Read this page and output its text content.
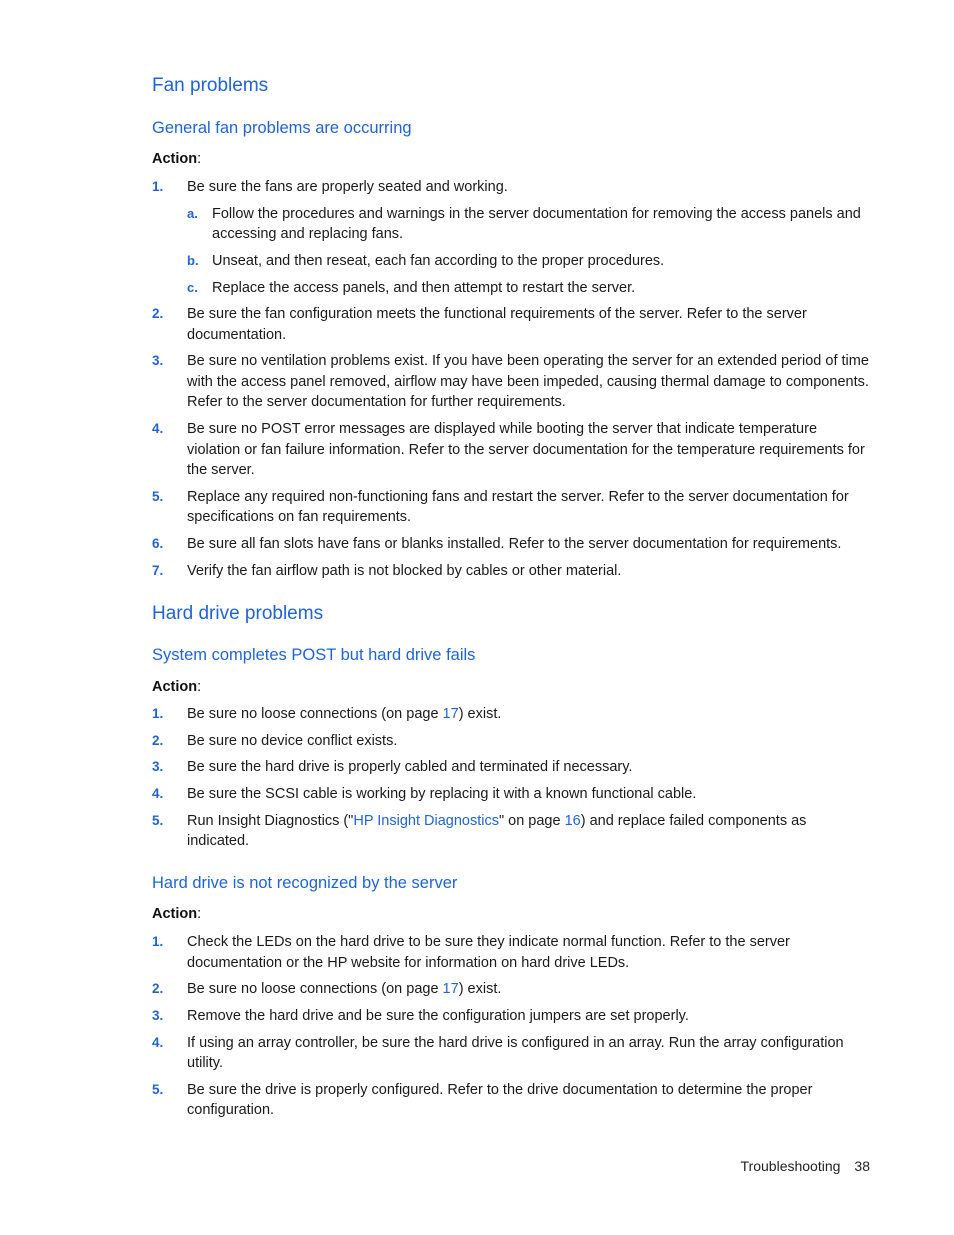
Fan problems
General fan problems are occurring

Action:

1. Be sure the fans are properly seated and working.
a. Follow the procedures and warnings in the server documentation for removing the access panels and accessing and replacing fans.
b. Unseat, and then reseat, each fan according to the proper procedures.
c. Replace the access panels, and then attempt to restart the server.
2. Be sure the fan configuration meets the functional requirements of the server. Refer to the server documentation.
3. Be sure no ventilation problems exist. If you have been operating the server for an extended period of time with the access panel removed, airflow may have been impeded, causing thermal damage to components. Refer to the server documentation for further requirements.
4. Be sure no POST error messages are displayed while booting the server that indicate temperature violation or fan failure information. Refer to the server documentation for the temperature requirements for the server.
5. Replace any required non-functioning fans and restart the server. Refer to the server documentation for specifications on fan requirements.
6. Be sure all fan slots have fans or blanks installed. Refer to the server documentation for requirements.
7. Verify the fan airflow path is not blocked by cables or other material.
Hard drive problems
System completes POST but hard drive fails

Action:

1. Be sure no loose connections (on page 17) exist.
2. Be sure no device conflict exists.
3. Be sure the hard drive is properly cabled and terminated if necessary.
4. Be sure the SCSI cable is working by replacing it with a known functional cable.
5. Run Insight Diagnostics ("HP Insight Diagnostics" on page 16) and replace failed components as indicated.
Hard drive is not recognized by the server

Action:

1. Check the LEDs on the hard drive to be sure they indicate normal function. Refer to the server documentation or the HP website for information on hard drive LEDs.
2. Be sure no loose connections (on page 17) exist.
3. Remove the hard drive and be sure the configuration jumpers are set properly.
4. If using an array controller, be sure the hard drive is configured in an array. Run the array configuration utility.
5. Be sure the drive is properly configured. Refer to the drive documentation to determine the proper configuration.
Troubleshooting 38
